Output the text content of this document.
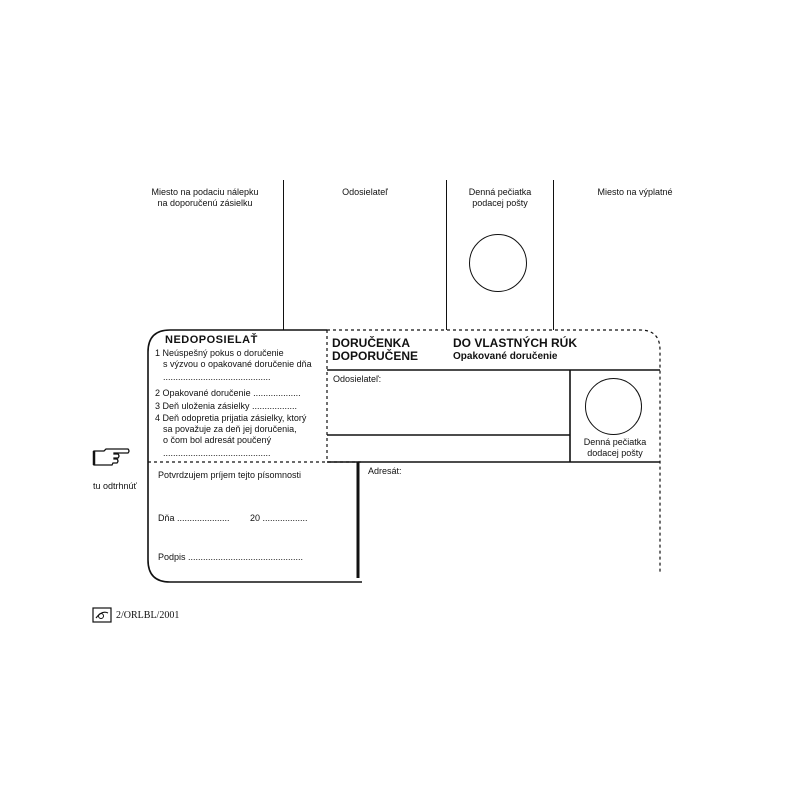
Miesto na podaciu nálepku
na doporučenú zásielku
Odosielateľ	Denná pečiatka
podacej pošty
Miesto na výplatné
NEDOPOSIELAŤ
1 Neúspešný pokus o doručenie
s výzvou o opakované doručenie dňa
...........................................
2 Opakované doručenie ...................
3 Deň uloženia zásielky ..................
4 Deň odopretia prijatia zásielky, ktorý
sa považuje za deň jej doručenia,
o čom bol adresát poučený
...........................................
Potvrdzujem príjem tejto písomnosti
Dňa ..................... 20 ..................
Podpis ..............................................
DORUČENKA
DOPORUČENE
DO VLASTNÝCH RÚK
Opakované doručenie
Odosielateľ:
Denná pečiatka
dodacej pošty
Adresát:
tu odtrhnúť
2/ORLBL/2001
